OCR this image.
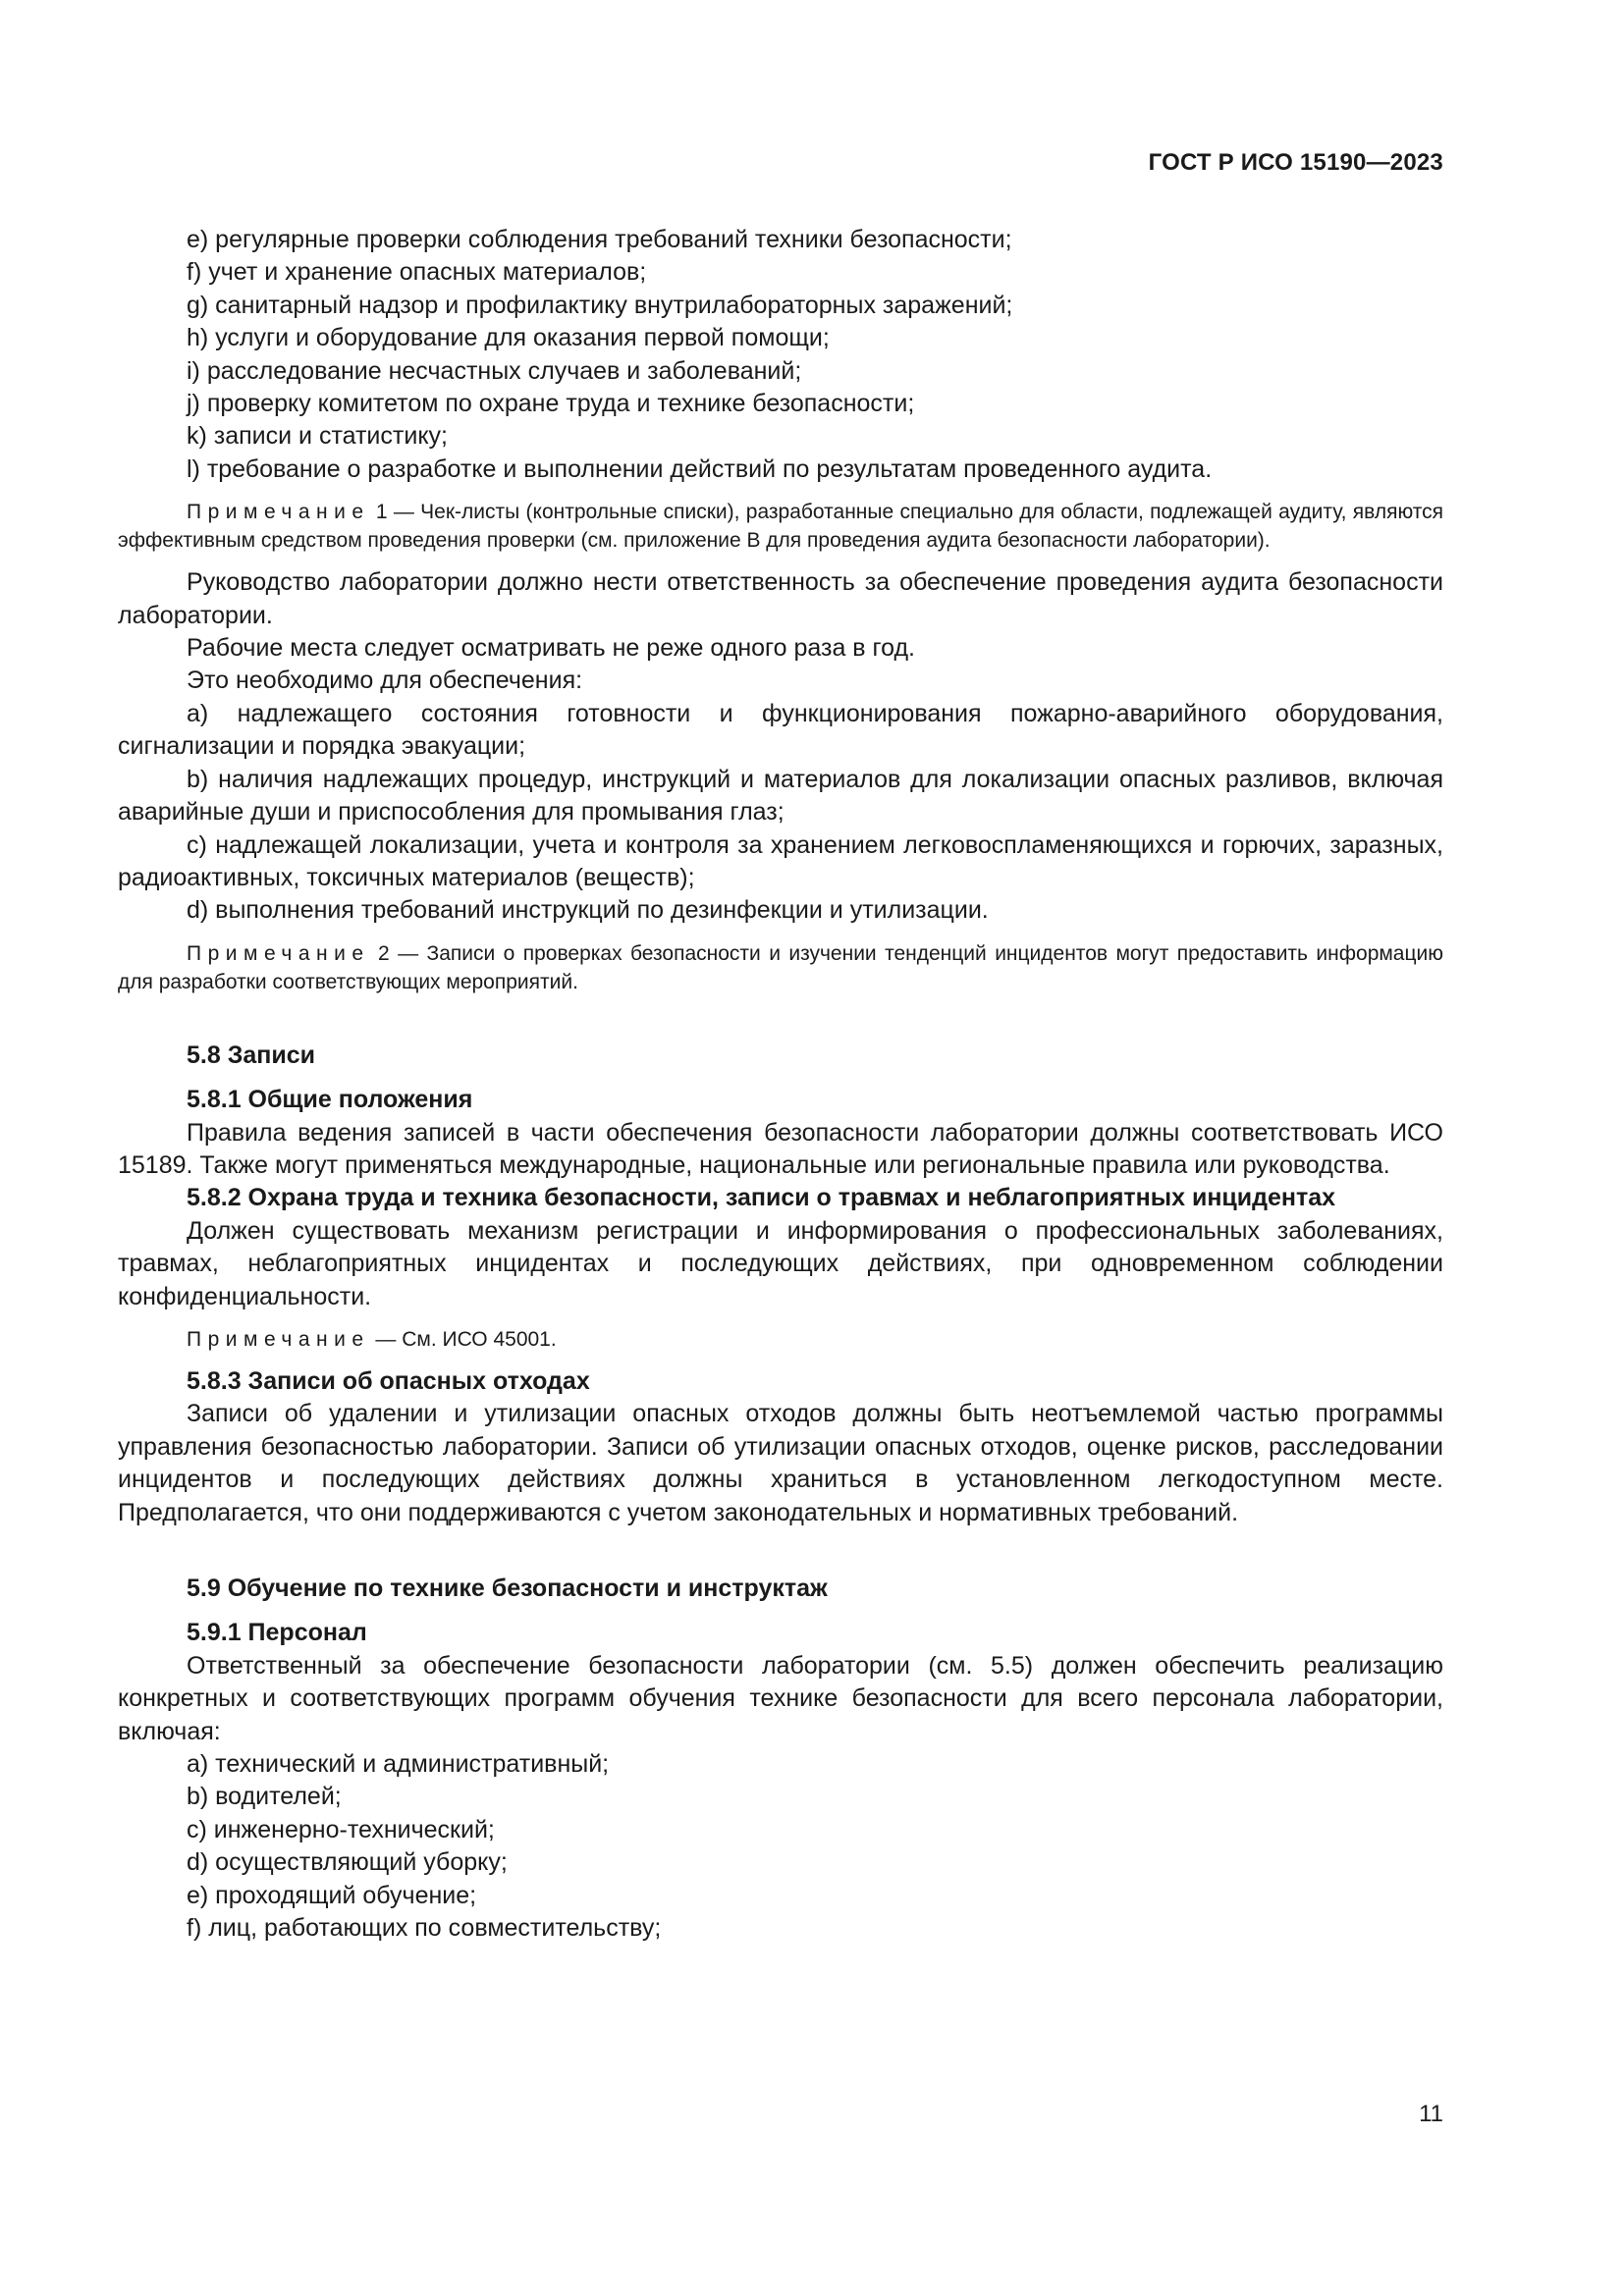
ГОСТ Р ИСО 15190—2023

e) регулярные проверки соблюдения требований техники безопасности;

f) учет и хранение опасных материалов;

g) санитарный надзор и профилактику внутрилабораторных заражений;

h) услуги и оборудование для оказания первой помощи;

i) расследование несчастных случаев и заболеваний;

j) проверку комитетом по охране труда и технике безопасности;

k) записи и статистику;

l) требование о разработке и выполнении действий по результатам проведенного аудита.

Примечание 1 — Чек-листы (контрольные списки), разработанные специально для области, подлежащей аудиту, являются эффективным средством проведения проверки (см. приложение В для проведения аудита безопасности лаборатории).

Руководство лаборатории должно нести ответственность за обеспечение проведения аудита безопасности лаборатории.

Рабочие места следует осматривать не реже одного раза в год.

Это необходимо для обеспечения:

a) надлежащего состояния готовности и функционирования пожарно-аварийного оборудования, сигнализации и порядка эвакуации;

b) наличия надлежащих процедур, инструкций и материалов для локализации опасных разливов, включая аварийные души и приспособления для промывания глаз;

c) надлежащей локализации, учета и контроля за хранением легковоспламеняющихся и горючих, заразных, радиоактивных, токсичных материалов (веществ);

d) выполнения требований инструкций по дезинфекции и утилизации.

Примечание 2 — Записи о проверках безопасности и изучении тенденций инцидентов могут предоставить информацию для разработки соответствующих мероприятий.

5.8 Записи

5.8.1 Общие положения

Правила ведения записей в части обеспечения безопасности лаборатории должны соответствовать ИСО 15189. Также могут применяться международные, национальные или региональные правила или руководства.

5.8.2 Охрана труда и техника безопасности, записи о травмах и неблагоприятных инцидентах

Должен существовать механизм регистрации и информирования о профессиональных заболеваниях, травмах, неблагоприятных инцидентах и последующих действиях, при одновременном соблюдении конфиденциальности.

Примечание — См. ИСО 45001.

5.8.3 Записи об опасных отходах

Записи об удалении и утилизации опасных отходов должны быть неотъемлемой частью программы управления безопасностью лаборатории. Записи об утилизации опасных отходов, оценке рисков, расследовании инцидентов и последующих действиях должны храниться в установленном легкодоступном месте. Предполагается, что они поддерживаются с учетом законодательных и нормативных требований.

5.9 Обучение по технике безопасности и инструктаж

5.9.1 Персонал

Ответственный за обеспечение безопасности лаборатории (см. 5.5) должен обеспечить реализацию конкретных и соответствующих программ обучения технике безопасности для всего персонала лаборатории, включая:

a) технический и административный;

b) водителей;

c) инженерно-технический;

d) осуществляющий уборку;

e) проходящий обучение;

f) лиц, работающих по совместительству;

11
